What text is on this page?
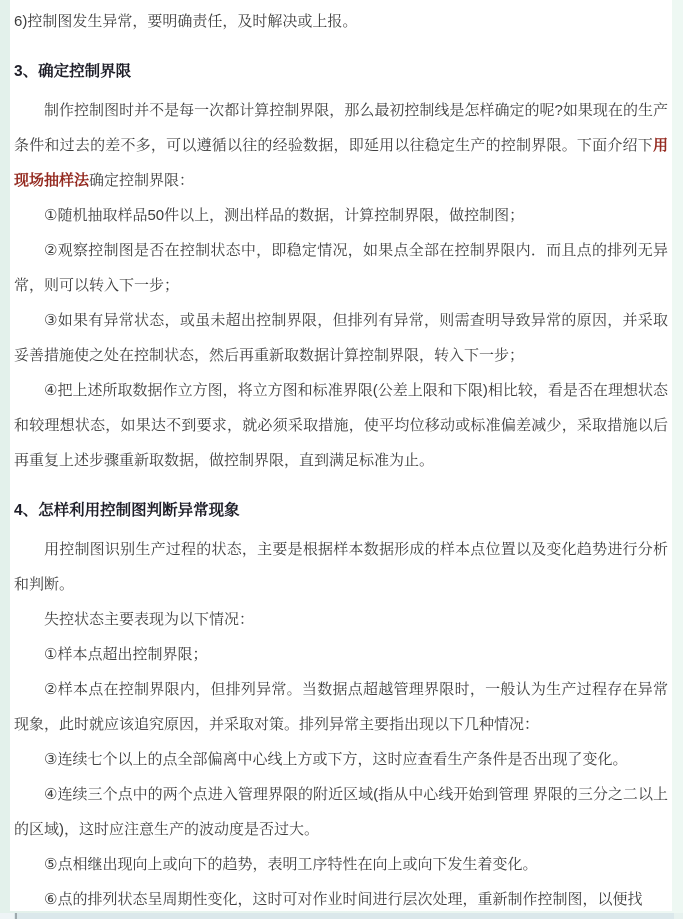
6)控制图发生异常，要明确责任，及时解决或上报。

3、确定控制界限

制作控制图时并不是每一次都计算控制界限，那么最初控制线是怎样确定的呢?如果现在的生产条件和过去的差不多，可以遵循以往的经验数据，即延用以往稳定生产的控制界限。下面介绍下用现场抽样法确定控制界限：

①随机抽取样品50件以上，测出样品的数据，计算控制界限，做控制图；

②观察控制图是否在控制状态中，即稳定情况，如果点全部在控制界限内．而且点的排列无异常，则可以转入下一步；

③如果有异常状态，或虽未超出控制界限，但排列有异常，则需查明导致异常的原因，并采取妥善措施使之处在控制状态，然后再重新取数据计算控制界限，转入下一步；

④把上述所取数据作立方图，将立方图和标准界限(公差上限和下限)相比较，看是否在理想状态和较理想状态，如果达不到要求，就必须采取措施，使平均位移动或标准偏差减少，采取措施以后再重复上述步骤重新取数据，做控制界限，直到满足标准为止。

4、怎样利用控制图判断异常现象

用控制图识别生产过程的状态，主要是根据样本数据形成的样本点位置以及变化趋势进行分析和判断。

失控状态主要表现为以下情况：

①样本点超出控制界限；

②样本点在控制界限内，但排列异常。当数据点超越管理界限时，一般认为生产过程存在异常现象，此时就应该追究原因，并采取对策。排列异常主要指出现以下几种情况：

③连续七个以上的点全部偏离中心线上方或下方，这时应查看生产条件是否出现了变化。

④连续三个点中的两个点进入管理界限的附近区域(指从中心线开始到管理 界限的三分之二以上的区域)，这时应注意生产的波动度是否过大。

⑤点相继出现向上或向下的趋势，表明工序特性在向上或向下发生着变化。

⑥点的排列状态呈周期性变化，这时可对作业时间进行层次处理，重新制作控制图，以便找
